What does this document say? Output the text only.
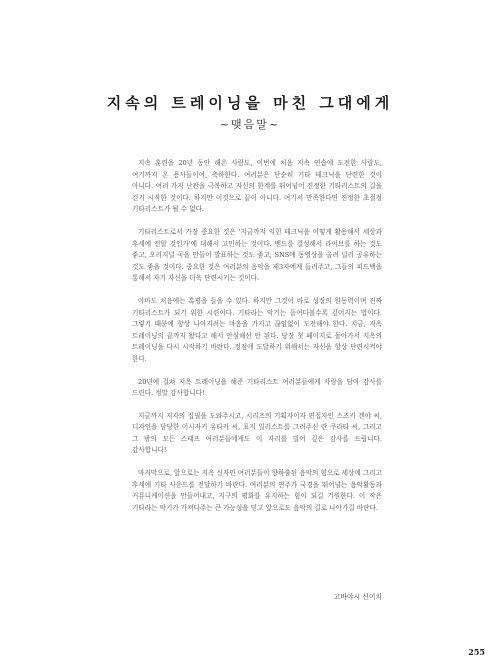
지속의 트레이닝을 마친 그대에게
~맺음말~

지속 훈련을 20년 동안 해온 사람도, 이번에 처음 지속 연습에 도전한 사람도, 여기까지 온 용사들이여, 축하한다. 여러분은 단순히 기타 테크닉을 단련한 것이 아니다. 여러 가지 난관을 극복하고 자신의 한계를 뛰어넘어 진정한 기타리스트의 길을 걷기 시작한 것이다. 하지만 이것으로 끝이 아니다. 여기서 만족한다면 진정한 초절정 기타리스트가 될 수 없다.

기타리스트로서 가장 중요한 것은 '지금까지 익힌 테크닉을 어떻게 활용해서 세상과 후세에 전할 것인가'에 대해서 고민하는 것이다. 밴드를 결성해서 라이브를 하는 것도 좋고, 오리지널 곡을 만들어 발표하는 것도 좋고, SNS에 동영상을 올려 널리 공유하는 것도 좋을 것이다. 중요한 것은 여러분의 음악을 제3자에게 들려주고, 그들의 피드백을 통해서 자기 자신을 더욱 단련시키는 것이다.

아마도 처음에는 혹평을 들을 수 있다. 하지만 그것이 바로 성장의 원동력이며 진짜 기타리스트가 되기 위한 시련이다. 기타라는 악기는 들여다볼수록 깊어지는 법이다. 그렇기 때문에 항상 나아지려는 마음을 가지고 끊임없이 도전해야 한다. 지금, 지옥 트레이닝의 끝까지 왔다고 해서 안심해선 안 된다. 당장 첫 페이지로 돌아가서 지옥의 트레이닝을 다시 시작하기 바란다. 정점에 도달하기 위해서는 자신을 항상 단련시켜야 한다.

20년에 걸쳐 지옥 트레이닝을 해준 기타리스트 여러분들에게 사랑을 담아 감사를 드린다. 정말 감사합니다!

지금까지 저자의 집필을 도와주시고, 시리즈의 기획자이자 편집자인 스즈키 겐야 씨, 디자인을 담당한 이시자키 유타카 씨, 표지 일러스트를 그려주신 란 쿠라타 씨, 그리고 그 밖의 모든 스태프 여러분들에게도 이 자리를 빌어 깊은 감사를 드립니다. 감사합니다!

마지막으로, 앞으로는 지옥 신자인 여러분들이 향하출된 음악의 힘으로 세상에 그리고 후세에 기타 사운드를 전달하기 바란다. 여러분의 연주가 국경을 뛰어넘는 음악활동과 커뮤니케이션을 만들어내고, 지구의 평화를 유지하는 힘이 되길 기원한다. 이 작은 기타라는 악기가 가져다주는 큰 가능성을 믿고 앞으로도 음악의 길로 나아가길 바란다.

고바야시 신이치
255
